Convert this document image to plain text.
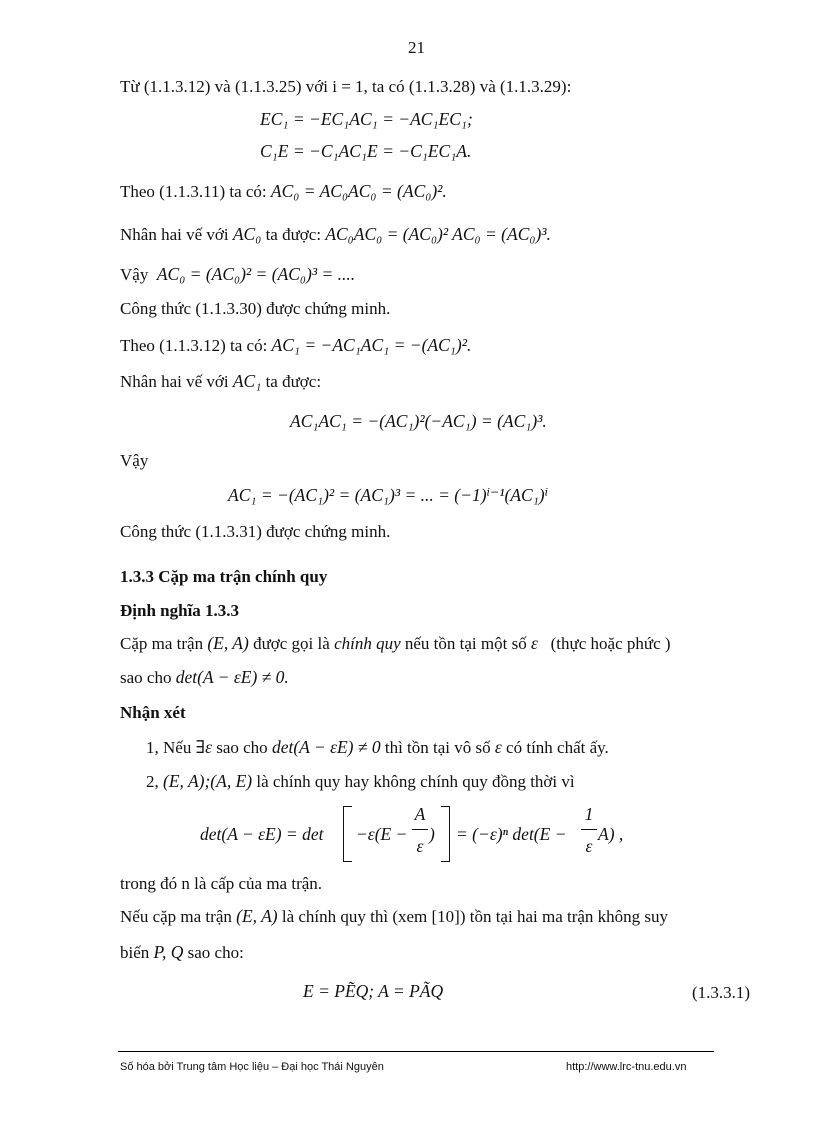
21
Từ (1.1.3.12) và (1.1.3.25) với i = 1, ta có (1.1.3.28) và (1.1.3.29):
EC₁ = −EC₁AC₁ = −AC₁EC₁;
C₁E = −C₁AC₁E = −C₁EC₁A.
Theo (1.1.3.11) ta có: AC₀ = AC₀AC₀ = (AC₀)².
Nhân hai vế với AC₀ ta được: AC₀AC₀ = (AC₀)² AC₀ = (AC₀)³.
Vậy AC₀ = (AC₀)² = (AC₀)³ = ....
Công thức (1.1.3.30) được chứng minh.
Theo (1.1.3.12) ta có: AC₁ = −AC₁AC₁ = −(AC₁)².
Nhân hai vế với AC₁ ta được:
AC₁AC₁ = −(AC₁)²(−AC₁) = (AC₁)³.
Vậy
AC₁ = −(AC₁)² = (AC₁)³ = ... = (−1)ⁱ⁻¹(AC₁)ⁱ
Công thức (1.1.3.31) được chứng minh.
1.3.3 Cặp ma trận chính quy
Định nghĩa 1.3.3
Cặp ma trận (E, A) được gọi là chính quy nếu tồn tại một số ε (thực hoặc phức )
sao cho det(A − εE) ≠ 0.
Nhận xét
1, Nếu ∃ε sao cho det(A − εE) ≠ 0 thì tồn tại vô số ε có tính chất ấy.
2, (E, A);(A, E) là chính quy hay không chính quy đồng thời vì
det(A − εE) = det −ε(E −
A
ε
) = (−ε)ⁿ det(E −
1
ε
A) ,
trong đó n là cấp của ma trận.
Nếu cặp ma trận (E, A) là chính quy thì (xem [10]) tồn tại hai ma trận không suy
biến P, Q sao cho:
E = PẼQ; A = PÃQ	(1.3.3.1)
Số hóa bởi Trung tâm Học liệu – Đại học Thái Nguyên	http://www.lrc-tnu.edu.vn
